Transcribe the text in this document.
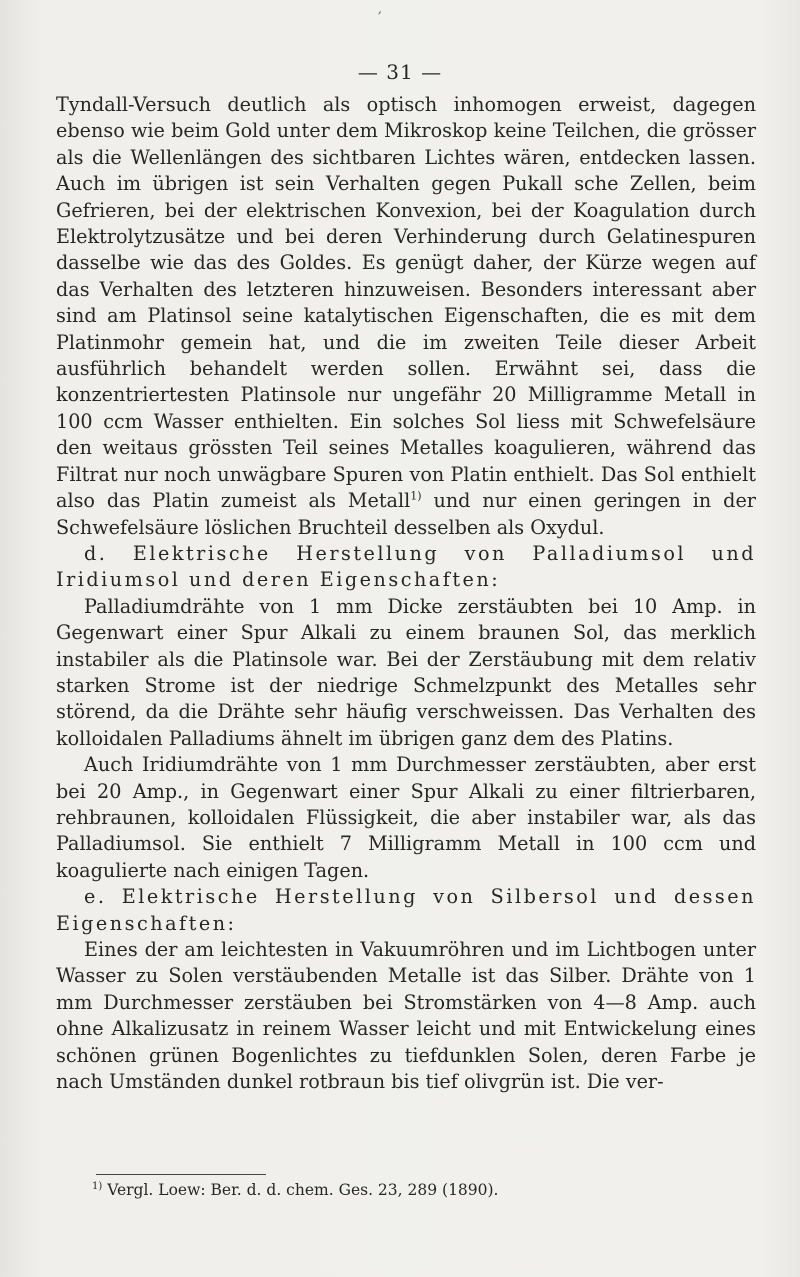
′
— 31 —

Tyndall-Versuch deutlich als optisch inhomogen erweist, dagegen ebenso wie beim Gold unter dem Mikroskop keine Teilchen, die grösser als die Wellenlängen des sichtbaren Lichtes wären, entdecken lassen. Auch im übrigen ist sein Verhalten gegen Pukall sche Zellen, beim Gefrieren, bei der elektrischen Konvexion, bei der Koagulation durch Elektrolytzusätze und bei deren Verhinderung durch Gelatinespuren dasselbe wie das des Goldes. Es genügt daher, der Kürze wegen auf das Verhalten des letzteren hinzuweisen. Besonders interessant aber sind am Platinsol seine katalytischen Eigenschaften, die es mit dem Platinmohr gemein hat, und die im zweiten Teile dieser Arbeit ausführlich behandelt werden sollen. Erwähnt sei, dass die konzentriertesten Platinsole nur ungefähr 20 Milligramme Metall in 100 ccm Wasser enthielten. Ein solches Sol liess mit Schwefelsäure den weitaus grössten Teil seines Metalles koagulieren, während das Filtrat nur noch unwägbare Spuren von Platin enthielt. Das Sol enthielt also das Platin zumeist als Metall$^{1)}$ und nur einen geringen in der Schwefelsäure löslichen Bruchteil desselben als Oxydul.

d. Elektrische Herstellung von Palladiumsol und Iridiumsol und deren Eigenschaften:

Palladiumdrähte von 1 mm Dicke zerstäubten bei 10 Amp. in Gegenwart einer Spur Alkali zu einem braunen Sol, das merklich instabiler als die Platinsole war. Bei der Zerstäubung mit dem relativ starken Strome ist der niedrige Schmelzpunkt des Metalles sehr störend, da die Drähte sehr häufig verschweissen. Das Verhalten des kolloidalen Palladiums ähnelt im übrigen ganz dem des Platins.

Auch Iridiumdrähte von 1 mm Durchmesser zerstäubten, aber erst bei 20 Amp., in Gegenwart einer Spur Alkali zu einer filtrierbaren, rehbraunen, kolloidalen Flüssigkeit, die aber instabiler war, als das Palladiumsol. Sie enthielt 7 Milligramm Metall in 100 ccm und koagulierte nach einigen Tagen.

e. Elektrische Herstellung von Silbersol und dessen Eigenschaften:

Eines der am leichtesten in Vakuumröhren und im Lichtbogen unter Wasser zu Solen verstäubenden Metalle ist das Silber. Drähte von 1 mm Durchmesser zerstäuben bei Stromstärken von 4—8 Amp. auch ohne Alkalizusatz in reinem Wasser leicht und mit Entwickelung eines schönen grünen Bogenlichtes zu tiefdunklen Solen, deren Farbe je nach Umständen dunkel rotbraun bis tief olivgrün ist. Die ver-

$^{1)}$ Vergl. Loew: Ber. d. d. chem. Ges. 23, 289 (1890).
